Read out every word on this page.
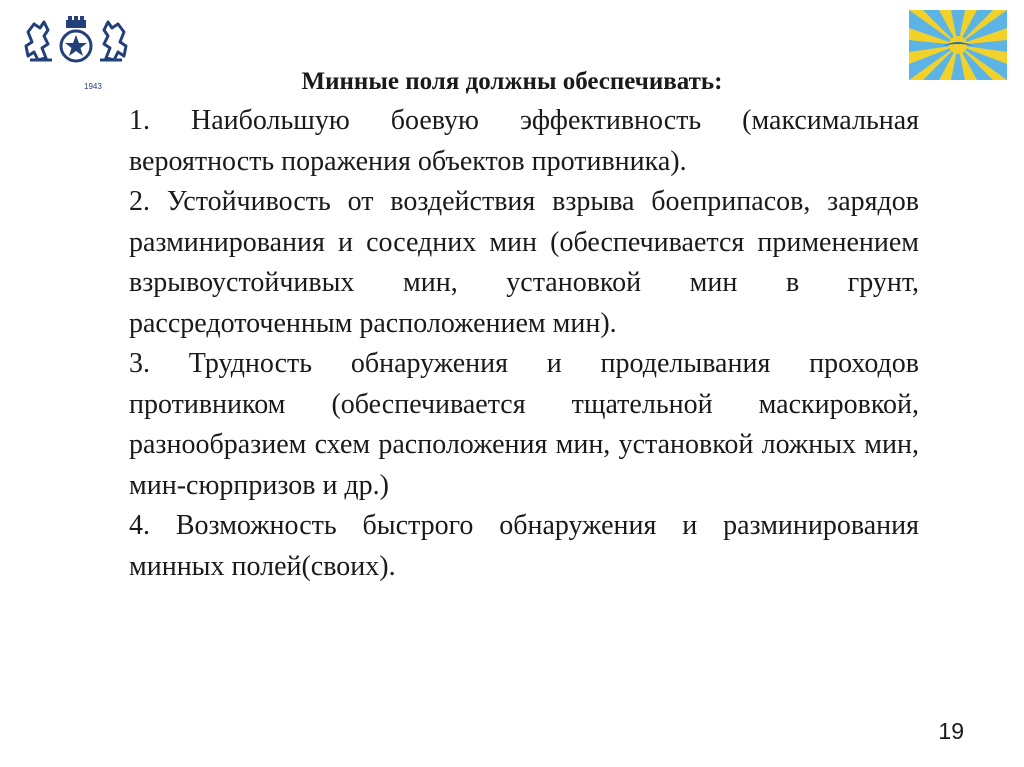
1943	Минные поля должны обеспечивать:

1. Наибольшую боевую эффективность (максимальная вероятность поражения объектов противника).

2. Устойчивость от воздействия взрыва боеприпасов, зарядов разминирования и соседних мин (обеспечивается применением взрывоустойчивых мин, установкой мин в грунт, рассредоточенным расположением мин).

3. Трудность обнаружения и проделывания проходов противником (обеспечивается тщательной маскировкой, разнообразием схем расположения мин, установкой ложных мин, мин-сюрпризов и др.)

4. Возможность быстрого обнаружения и разминирования минных полей(своих).

19
